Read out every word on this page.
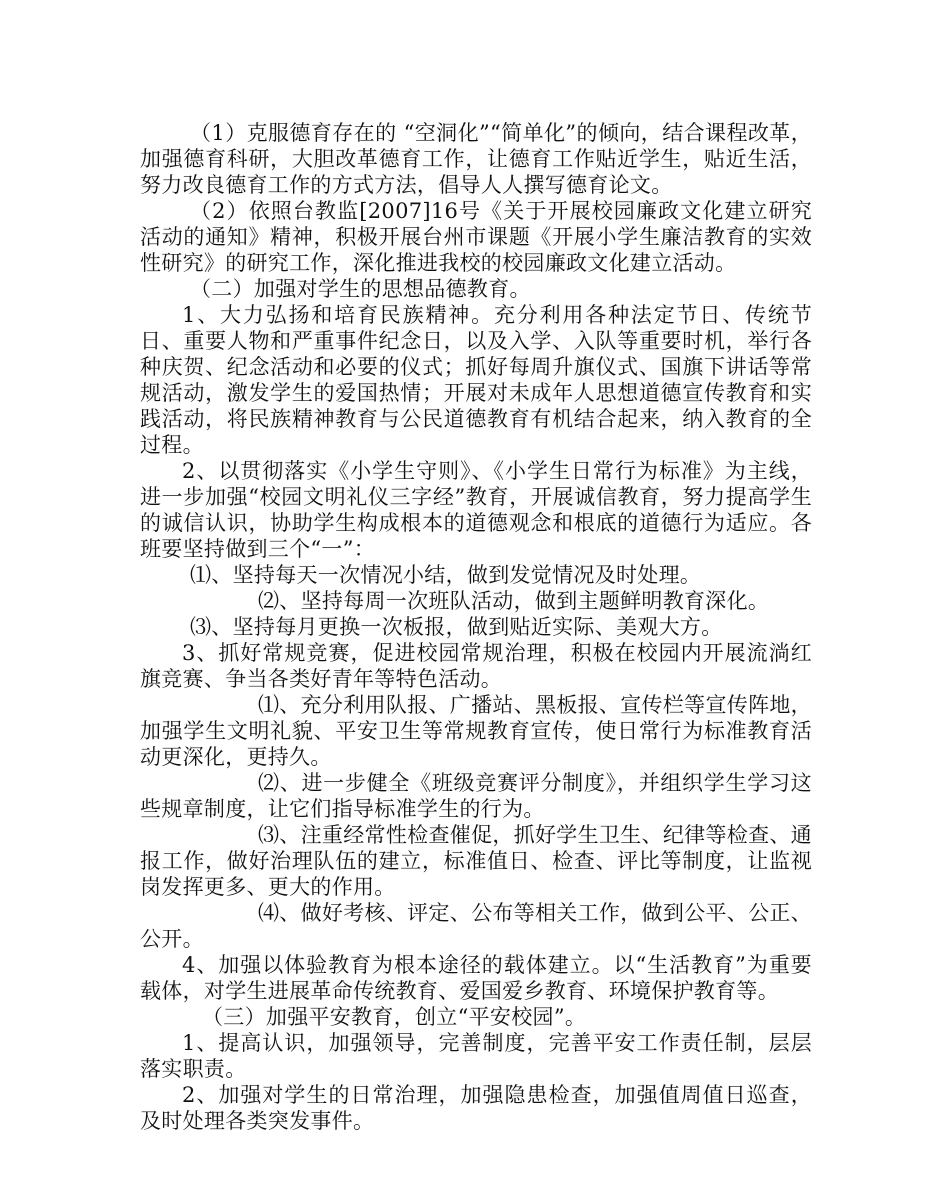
（1）克服德育存在的 “空洞化”“简单化”的倾向，结合课程改革，加强德育科研，大胆改革德育工作，让德育工作贴近学生，贴近生活，努力改良德育工作的方式方法，倡导人人撰写德育论文。

（2）依照台教监[2007]16号《关于开展校园廉政文化建立研究活动的通知》精神，积极开展台州市课题《开展小学生廉洁教育的实效性研究》的研究工作，深化推进我校的校园廉政文化建立活动。

（二）加强对学生的思想品德教育。

1、大力弘扬和培育民族精神。充分利用各种法定节日、传统节日、重要人物和严重事件纪念日，以及入学、入队等重要时机，举行各种庆贺、纪念活动和必要的仪式；抓好每周升旗仪式、国旗下讲话等常规活动，激发学生的爱国热情；开展对未成年人思想道德宣传教育和实践活动，将民族精神教育与公民道德教育有机结合起来，纳入教育的全过程。

2、以贯彻落实《小学生守则》、《小学生日常行为标准》为主线，进一步加强“校园文明礼仪三字经”教育，开展诚信教育，努力提高学生的诚信认识，协助学生构成根本的道德观念和根底的道德行为适应。各班要坚持做到三个“一”：

⑴、坚持每天一次情况小结，做到发觉情况及时处理。

⑵、坚持每周一次班队活动，做到主题鲜明教育深化。

⑶、坚持每月更换一次板报，做到贴近实际、美观大方。

3、抓好常规竞赛，促进校园常规治理，积极在校园内开展流淌红旗竞赛、争当各类好青年等特色活动。

⑴、充分利用队报、广播站、黑板报、宣传栏等宣传阵地，加强学生文明礼貌、平安卫生等常规教育宣传，使日常行为标准教育活动更深化，更持久。

⑵、进一步健全《班级竞赛评分制度》，并组织学生学习这些规章制度，让它们指导标准学生的行为。

⑶、注重经常性检查催促，抓好学生卫生、纪律等检查、通报工作，做好治理队伍的建立，标准值日、检查、评比等制度，让监视岗发挥更多、更大的作用。

⑷、做好考核、评定、公布等相关工作，做到公平、公正、公开。

4、加强以体验教育为根本途径的载体建立。以“生活教育”为重要载体，对学生进展革命传统教育、爱国爱乡教育、环境保护教育等。

（三）加强平安教育，创立“平安校园”。

1、提高认识，加强领导，完善制度，完善平安工作责任制，层层落实职责。

2、加强对学生的日常治理，加强隐患检查，加强值周值日巡查，及时处理各类突发事件。
